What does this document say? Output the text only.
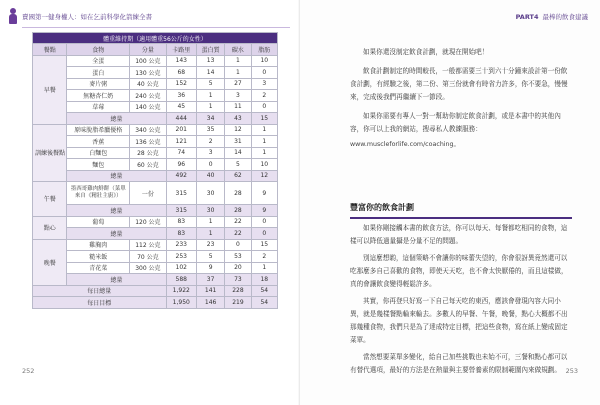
賣國第一健身權人：如在乞前科學化箭練全書
體重維持期（適用體重56公斤的女性）						
餐點	食物	分量	卡路里	蛋白質	碳水	脂肪
早餐	全蛋	100 公克	143	13	1	10
	蛋白	130 公克	68	14	1	0
	麥片粥	40 公克	152	5	27	3
	無糖杏仁奶	240 公克	36	1	3	2
	草莓	140 公克	45	1	11	0
	總量		444	34	43	15
訓練後餐點	原味脫脂希臘優格	340 公克	201	35	12	1
	香蕉	136 公克	121	2	31	1
	白麵包	28 公克	74	3	14	1
	麵包	60 公克	96	0	5	10
	總量		492	40	62	12
午餐	墨西哥雞肉鮮餅（菜單來自《精壯主廚》）	一份	315	30	28	9
	總量		315	30	28	9
點心	葡萄	120 公克	83	1	22	0
	總量		83	1	22	0
晚餐	雞胸肉	112 公克	233	23	0	15
	糙米飯	70 公克	253	5	53	2
	青花菜	300 公克	102	9	20	1
	總量		588	37	73	18
每日總量			1,922	141	228	54
每日目標			1,950	146	219	54
252
PART4 最棒的飲食建議

如果你還沒制定飲食計劃，就現在開始吧！

飲食計劃制定的時間較長，一般都需要三十到六十分鐘來設計第一份飲食計劃，有經驗之後，第二份、第三份就會有時省力許多，你不要急，慢慢來，完成後我們再繼續下一節段。

如果你需要有專人一對一幫助你制定飲食計劃，或是本書中的其他內容，你可以上我的網站，搜尋私人教練服務：

www.muscleforlife.com/coaching。

豐富你的飲食計劃

如果你剛接觸本書的飲食方法，你可以每天、每餐都吃相同的食物，這樣可以降低過量攝是分量不足的問題。

別這麼想喲，這個策略不會讓你的味蕾失望的，你會很訝異竟然還可以吃那麼多自己喜歡的食物，即使天天吃，也不會太快厭倦的，而且這樣做，真的會讓飲食變得輕鬆許多。

其實，你再登只好寫一下自己每天吃的東西，應該會發現內容大同小異，就是幾樣餐點輪來輪去。多數人的早餐、午餐，晚餐，點心大概都不出那幾種食物，我們只是為了達成特定目標，把這些食物，寫在紙上變成固定菜單。

當然想要菜單多變化，給自己加些挑戰也未始不可，三餐和點心都可以有替代選項，最好的方法是在熱量與主要營養素的限制範圍內來做規劃。 253
